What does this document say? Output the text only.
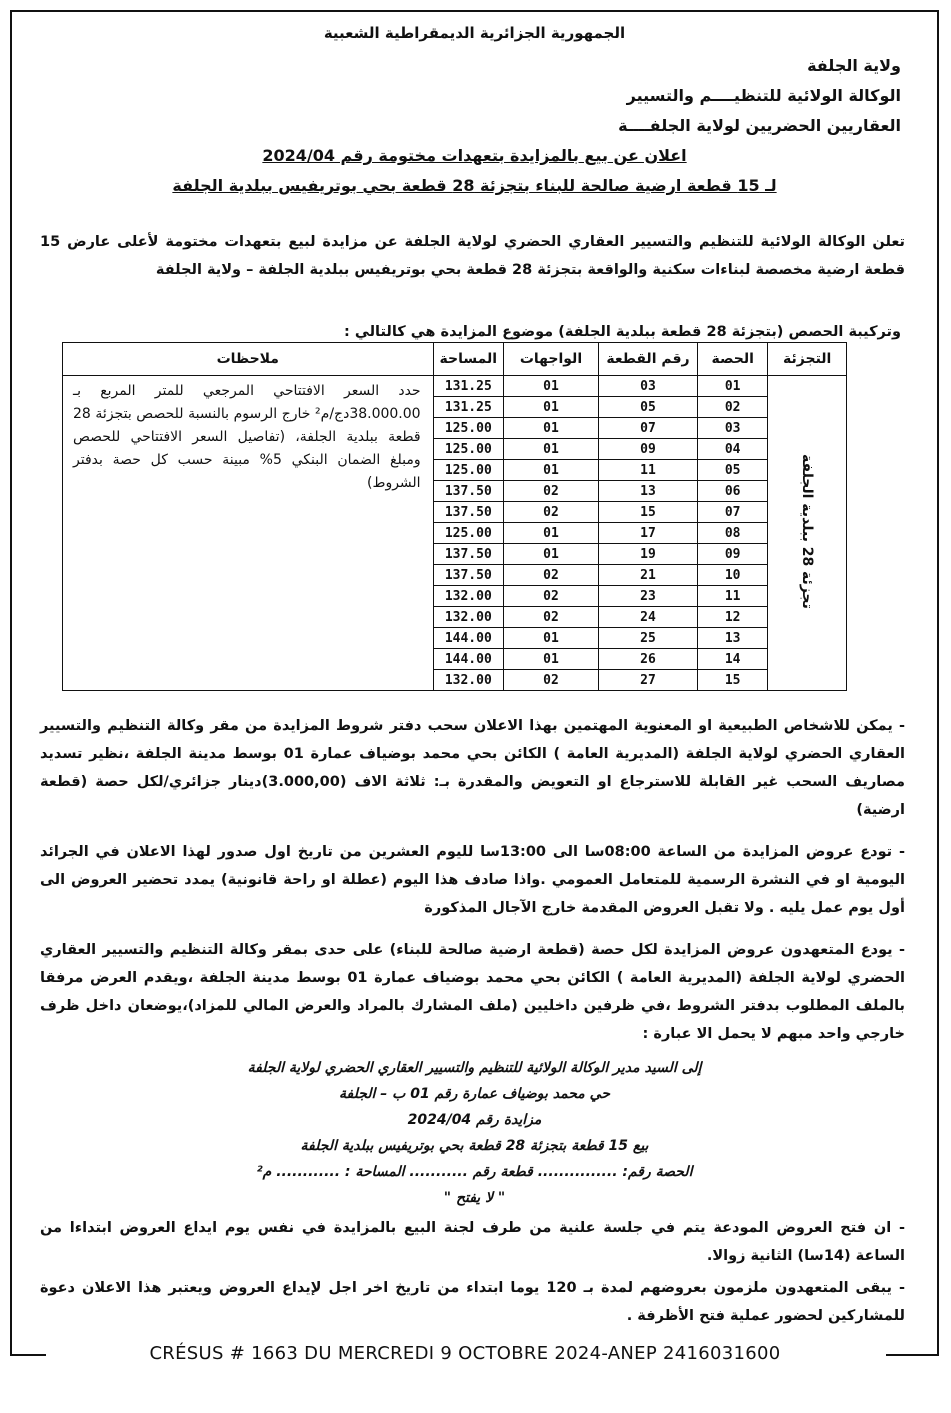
الجمهورية الجزائرية الديمقراطية الشعبية
ولاية الجلفة
الوكالة الولائية للتنظيــــم والتسيير
العقاريين الحضريين لولاية الجلفــــة
اعلان عن بيع بالمزايدة بتعهدات مختومة رقم 2024/04
لـ 15 قطعة ارضية صالحة للبناء بتجزئة 28 قطعة بحي بوتريفيس ببلدية الجلفة
تعلن الوكالة الولائية للتنظيم والتسيير العقاري الحضري لولاية الجلفة عن مزايدة لبيع بتعهدات مختومة لأعلى عارض 15 قطعة ارضية مخصصة لبناءات سكنية والواقعة بتجزئة 28 قطعة بحي بوتريفيس ببلدية الجلفة – ولاية الجلفة
وتركيبة الحصص (بتجزئة 28 قطعة ببلدية الجلفة) موضوع المزايدة هي كالتالي :
التجزئة	الحصة	رقم القطعة	الواجهات	المساحة	ملاحظات
تجزئة 28 ببلدية الجلفة	01	03	01	131.25	حدد السعر الافتتاحي المرجعي للمتر المربع بـ 38.000.00دج/م² خارج الرسوم بالنسبة للحصص بتجزئة 28 قطعة ببلدية الجلفة، (تفاصيل السعر الافتتاحي للحصص ومبلغ الضمان البنكي 5% مبينة حسب كل حصة بدفتر الشروط)
	02	05	01	131.25	
	03	07	01	125.00	
	04	09	01	125.00	
	05	11	01	125.00	
	06	13	02	137.50	
	07	15	02	137.50	
	08	17	01	125.00	
	09	19	01	137.50	
	10	21	02	137.50	
	11	23	02	132.00	
	12	24	02	132.00	
	13	25	01	144.00	
	14	26	01	144.00	
	15	27	02	132.00	
- يمكن للاشخاص الطبيعية او المعنوية المهتمين بهذا الاعلان سحب دفتر شروط المزايدة من مقر وكالة التنظيم والتسيير العقاري الحضري لولاية الجلفة (المديرية العامة ) الكائن بحي محمد بوضياف عمارة 01 بوسط مدينة الجلفة ،نظير تسديد مصاريف السحب غير القابلة للاسترجاع او التعويض والمقدرة بـ: ثلاثة الاف (3.000,00)دينار جزائري/لكل حصة (قطعة ارضية)
- تودع عروض المزايدة من الساعة 08:00سا الى 13:00سا لليوم العشرين من تاريخ اول صدور لهذا الاعلان في الجرائد اليومية او في النشرة الرسمية للمتعامل العمومي .واذا صادف هذا اليوم (عطلة او راحة قانونية) يمدد تحضير العروض الى أول يوم عمل يليه . ولا تقبل العروض المقدمة خارج الآجال المذكورة
- يودع المتعهدون عروض المزايدة لكل حصة (قطعة ارضية صالحة للبناء) على حدى بمقر وكالة التنظيم والتسيير العقاري الحضري لولاية الجلفة (المديرية العامة ) الكائن بحي محمد بوضياف عمارة 01 بوسط مدينة الجلفة ،ويقدم العرض مرفقا بالملف المطلوب بدفتر الشروط ،في ظرفين داخليين (ملف المشارك بالمراد والعرض المالي للمزاد)،يوضعان داخل ظرف خارجي واحد مبهم لا يحمل الا عبارة :
إلى السيد مدير الوكالة الولائية للتنظيم والتسيير العقاري الحضري لولاية الجلفة
حي محمد بوضياف عمارة رقم 01 ب – الجلفة
مزايدة رقم 2024/04
بيع 15 قطعة بتجزئة 28 قطعة بحي بوتريفيس ببلدية الجلفة
الحصة رقم: ............... قطعة رقم ........... المساحة : ............ م²
" لا يفتح "
- ان فتح العروض المودعة يتم في جلسة علنية من طرف لجنة البيع بالمزايدة في نفس يوم ايداع العروض ابتداءا من الساعة (14سا) الثانية زوالا.
- يبقى المتعهدون ملزمون بعروضهم لمدة بـ 120 يوما ابتداء من تاريخ اخر اجل لإيداع العروض ويعتبر هذا الاعلان دعوة للمشاركين لحضور عملية فتح الأظرفة .
CRÉSUS # 1663 DU MERCREDI 9 OCTOBRE 2024-ANEP 2416031600
